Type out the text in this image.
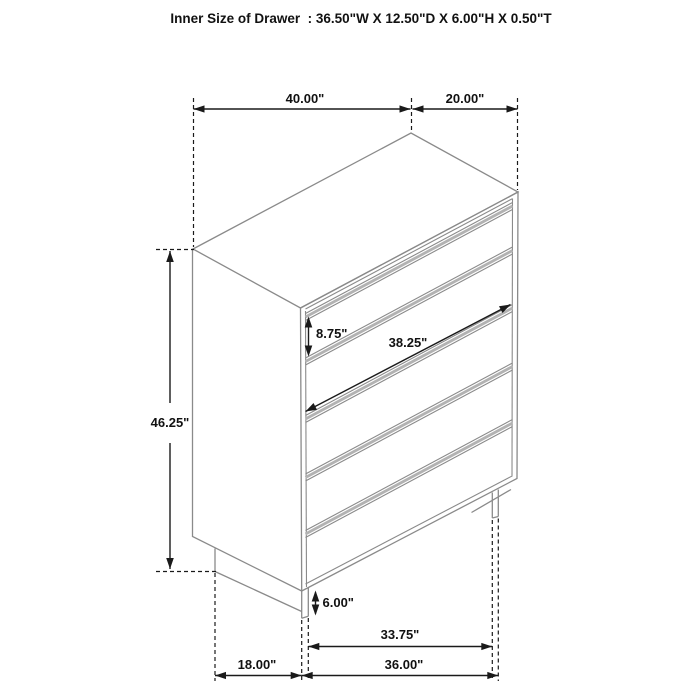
Inner Size of Drawer  : 36.50"W X 12.50"D X 6.00"H X 0.50"T
40.00"	20.00"
46.25"
8.75"
38.25"
6.00"
33.75"
36.00"
18.00"
